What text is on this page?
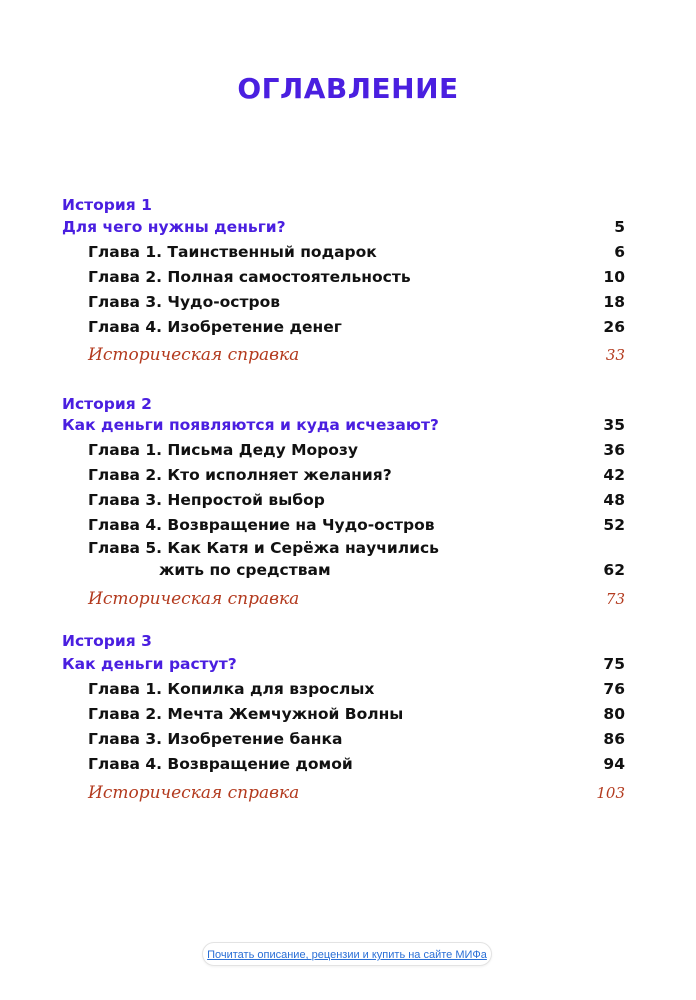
ОГЛАВЛЕНИЕ
История 1
Для чего нужны деньги?	5
Глава 1. Таинственный подарок	6
Глава 2. Полная самостоятельность	10
Глава 3. Чудо-остров	18
Глава 4. Изобретение денег	26
Историческая справка	33
История 2
Как деньги появляются и куда исчезают?	35
Глава 1. Письма Деду Морозу	36
Глава 2. Кто исполняет желания?	42
Глава 3. Непростой выбор	48
Глава 4. Возвращение на Чудо-остров	52
Глава 5. Как Катя и Серёжа научились
жить по средствам	62
Историческая справка	73
История 3
Как деньги растут?	75
Глава 1. Копилка для взрослых	76
Глава 2. Мечта Жемчужной Волны	80
Глава 3. Изобретение банка	86
Глава 4. Возвращение домой	94
Историческая справка	103
Почитать описание, рецензии и купить на сайте МИФа
